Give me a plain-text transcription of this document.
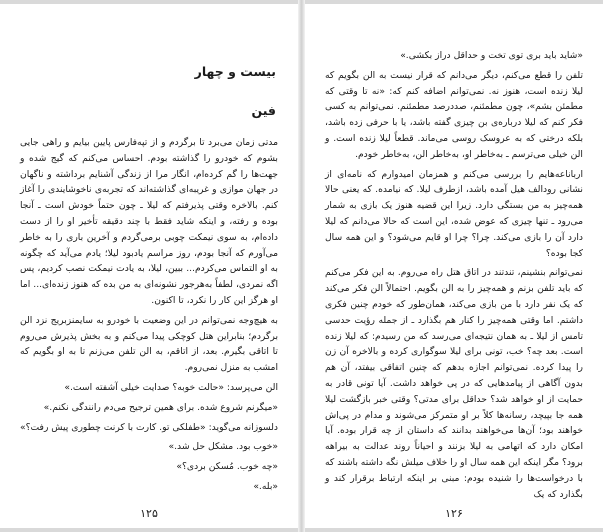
بیست و چهار
فین

مدتی زمان می‌برد تا برگردم و از تپه‌فارس پایین بیایم و راهی جایی بشوم که خودرو را گذاشته بودم. احساس می‌کنم که گیج شده و جهت‌ها را گم کرده‌ام، انگار مرا از زندگی آشنایم برداشته و ناگهان در جهان موازی و غریبه‌ای گذاشته‌اند که تجربه‌ی ناخوشایندی را آغاز کنم. بالاخره وقتی پذیرفتم که لیلا ـ چون حتماً خودش است ـ آنجا بوده و رفته، و اینکه شاید فقط با چند دقیقه تأخیر او را از دست داده‌ام، به سوی نیمکت چوبی برمی‌گردم و آخرین باری را به خاطر می‌آورم که آنجا بودم، روز مراسم یادبود لیلا؛ یادم می‌آید که چگونه به او التماس می‌کردم... ببین، لیلا، به یادت نیمکت نصب کردیم، پس اگه نمردی، لطفاً به‌هرجور نشونه‌ای به من بده که هنوز زنده‌ای... اما او هرگز این کار را نکرد، تا اکنون.

به هیچ‌وجه نمی‌توانم در این وضعیت با خودرو به سایمنزبریج نزد الن برگردم؛ بنابراین هتل کوچکی پیدا می‌کنم و به بخش پذیرش می‌روم تا اتاقی بگیرم. بعد، از اتاقم، به الن تلفن می‌زنم تا به او بگویم که امشب به منزل نمی‌روم.

الن می‌پرسد: «حالت خوبه؟ صدایت خیلی آشفته است.»

«میگرنم شروع شده. برای همین ترجیح می‌دم رانندگی نکنم.»

دلسوزانه می‌گوید: «طفلکی تو. کارت با کرنت چطوری پیش رفت؟»

«خوب بود. مشکل حل شد.»

«چه خوب. مُسکن بردی؟»

«بله.»

۱۲۵

«شاید باید بری توی تخت و حداقل دراز بکشی.»

تلفن را قطع می‌کنم، دیگر می‌دانم که قرار نیست به الن بگویم که لیلا زنده است، هنوز نه. نمی‌توانم اضافه کنم که: «نه تا وقتی که مطمئن بشم»، چون مطمئنم، صددرصد مطمئنم. نمی‌توانم به کسی فکر کنم که لیلا درباره‌ی بن چیزی گفته باشد، یا با حرفی زده باشد، بلکه درختی که به عروسک روسی می‌ماند. قطعاً لیلا زنده است. و الن خیلی می‌ترسم ـ به‌خاطر او، به‌خاطر الن، به‌خاطر خودم.

ارباناعه‌هایم را بررسی می‌کنم و همزمان امیدوارم که نامه‌ای از نشانی رودالف هیل آمده باشد، ازطرف لیلا. که نیامده. که یعنی حالا همه‌چیز به من بستگی دارد. زیرا این قضیه هنوز یک بازی به شمار می‌رود ـ تنها چیزی که عوض شده، این است که حالا می‌دانم که لیلا دارد آن را بازی می‌کند. چرا؟ چرا او قایم می‌شود؟ و این همه سال کجا بوده؟

نمی‌توانم بنشینم، تندتند در اتاق هتل راه می‌روم. به این فکر می‌کنم که باید تلفن بزنم و همه‌چیز را به الن بگویم. احتمالاً الن فکر می‌کند که یک نفر دارد با من بازی می‌کند، همان‌طور که خودم چنین فکری داشتم. اما وقتی همه‌چیز را کنار هم بگذارد ـ از جمله رؤیت حدسی تامس از لیلا ـ به همان نتیجه‌ای می‌رسد که من رسیدم: که لیلا زنده است. بعد چه؟ خب، تونی برای لیلا سوگواری کرده و بالاخره آن زن را پیدا کرده. نمی‌توانم اجازه بدهم که چنین اتفاقی بیفتد، آن هم بدون آگاهی از پیامدهایی که در پی خواهد داشت. آیا تونی قادر به حمایت از او خواهد شد؟ حداقل برای مدتی؟ وقتی خبر بازگشت لیلا همه جا بپیچد، رسانه‌ها کلاً بر او متمرکز می‌شوند و مدام در پی‌اش خواهند بود؛ آن‌ها می‌خواهند بدانند که داستان از چه قرار بوده. آیا امکان دارد که اتهامی به لیلا بزنند و احیاناً روند عدالت به بیراهه برود؟ مگر اینکه این همه سال او را خلاف میلش نگه داشته باشند که با درخواست‌ها را شنیده بودم: مبنی بر اینکه ارتباط برقرار کند و بگذارد که یک

۱۲۶
